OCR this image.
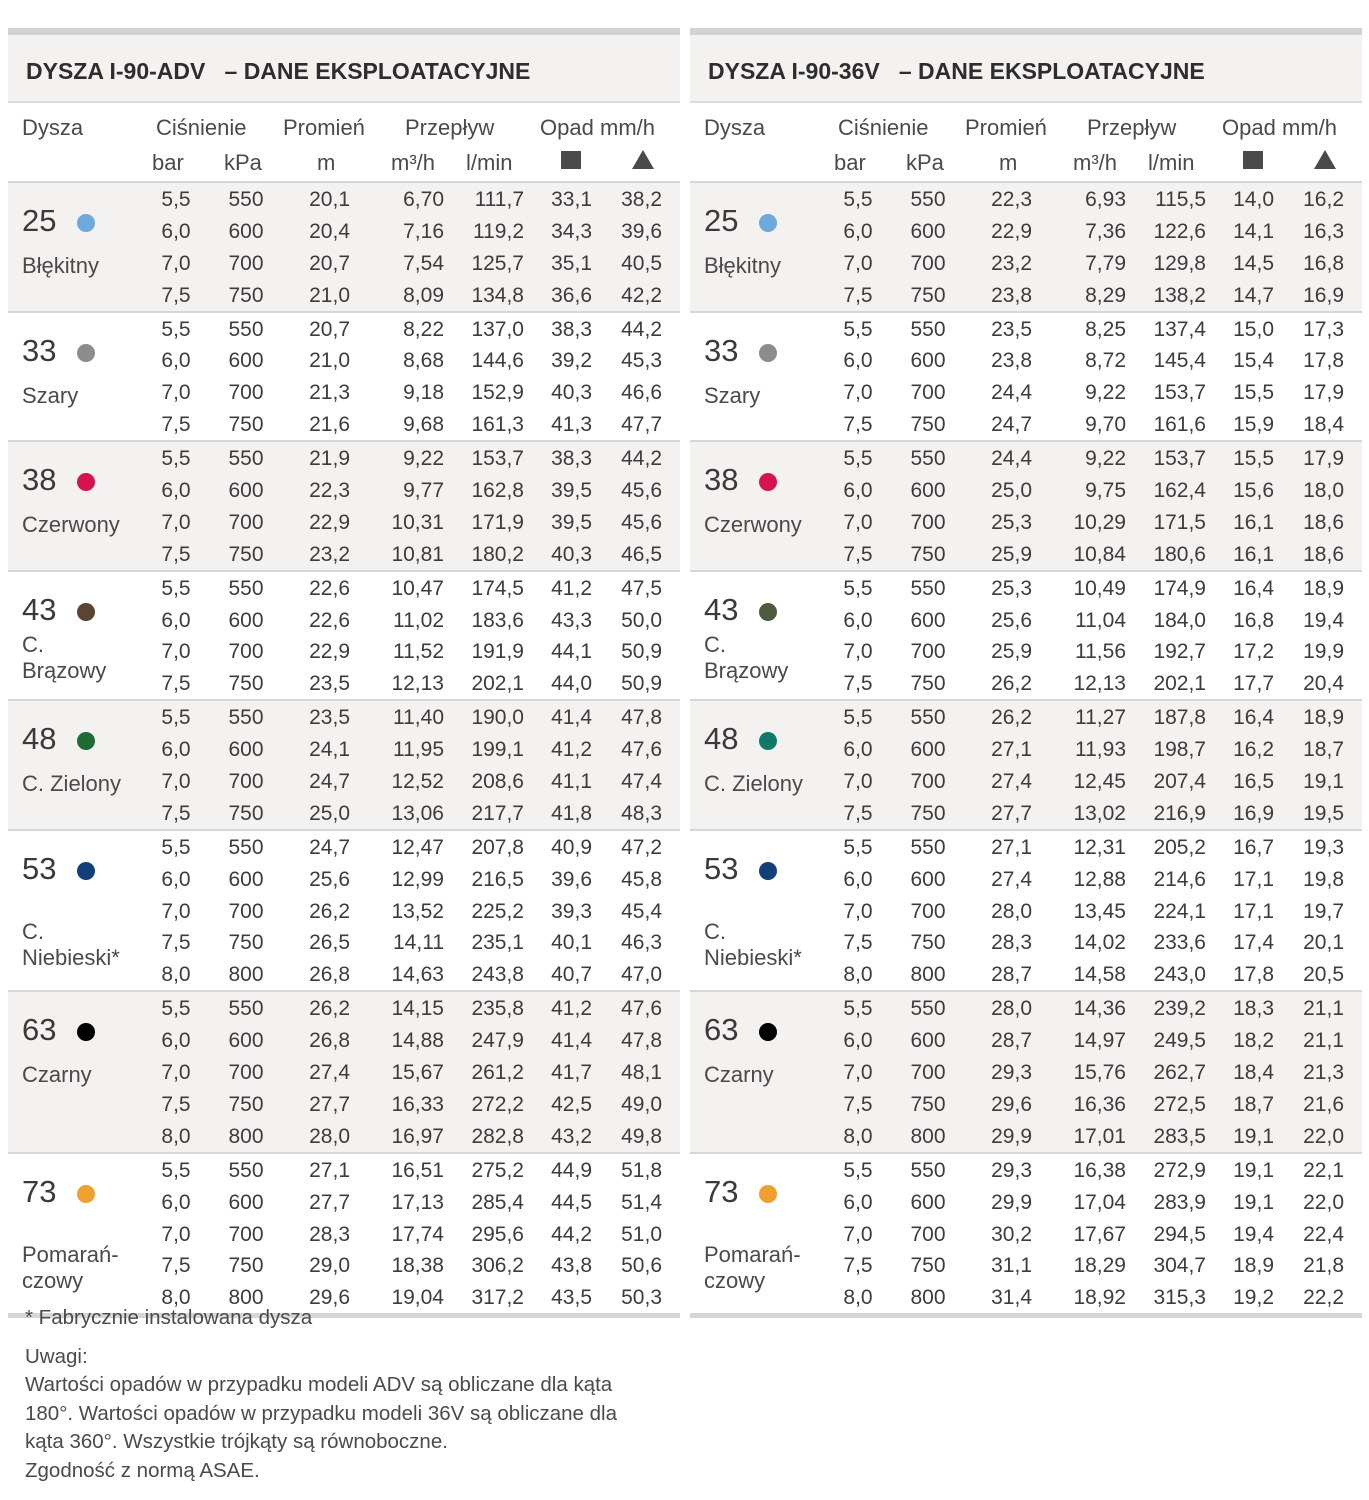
DYSZA I-90-ADV   – DANE EKSPLOATACYJNE
Dysza	Ciśnienie Promień Przepływ Opad mm/h
bar kPa	m	m³/h l/min
25
Błękitny
5,5	550	20,1	6,70	111,7	33,1	38,2
6,0	600	20,4	7,16	119,2	34,3	39,6
7,0	700	20,7	7,54	125,7	35,1	40,5
7,5	750	21,0	8,09	134,8	36,6	42,2
33
Szary
5,5	550	20,7	8,22	137,0	38,3	44,2
6,0	600	21,0	8,68	144,6	39,2	45,3
7,0	700	21,3	9,18	152,9	40,3	46,6
7,5	750	21,6	9,68	161,3	41,3	47,7
38
Czerwony
5,5	550	21,9	9,22	153,7	38,3	44,2
6,0	600	22,3	9,77	162,8	39,5	45,6
7,0	700	22,9	10,31	171,9	39,5	45,6
7,5	750	23,2	10,81	180,2	40,3	46,5
43
C. Brązowy
5,5	550	22,6	10,47	174,5	41,2	47,5
6,0	600	22,6	11,02	183,6	43,3	50,0
7,0	700	22,9	11,52	191,9	44,1	50,9
7,5	750	23,5	12,13	202,1	44,0	50,9
48
C. Zielony
5,5	550	23,5	11,40	190,0	41,4	47,8
6,0	600	24,1	11,95	199,1	41,2	47,6
7,0	700	24,7	12,52	208,6	41,1	47,4
7,5	750	25,0	13,06	217,7	41,8	48,3
53
C. Niebieski*
5,5	550	24,7	12,47	207,8	40,9	47,2
6,0	600	25,6	12,99	216,5	39,6	45,8
7,0	700	26,2	13,52	225,2	39,3	45,4
7,5	750	26,5	14,11	235,1	40,1	46,3
8,0	800	26,8	14,63	243,8	40,7	47,0
63
Czarny
5,5	550	26,2	14,15	235,8	41,2	47,6
6,0	600	26,8	14,88	247,9	41,4	47,8
7,0	700	27,4	15,67	261,2	41,7	48,1
7,5	750	27,7	16,33	272,2	42,5	49,0
8,0	800	28,0	16,97	282,8	43,2	49,8
73
Pomarań-
czowy
5,5	550	27,1	16,51	275,2	44,9	51,8
6,0	600	27,7	17,13	285,4	44,5	51,4
7,0	700	28,3	17,74	295,6	44,2	51,0
7,5	750	29,0	18,38	306,2	43,8	50,6
8,0	800	29,6	19,04	317,2	43,5	50,3
DYSZA I-90-36V   – DANE EKSPLOATACYJNE
Dysza	Ciśnienie Promień Przepływ Opad mm/h
bar kPa	m	m³/h l/min
25
Błękitny
5,5	550	22,3	6,93	115,5	14,0	16,2
6,0	600	22,9	7,36	122,6	14,1	16,3
7,0	700	23,2	7,79	129,8	14,5	16,8
7,5	750	23,8	8,29	138,2	14,7	16,9
33
Szary
5,5	550	23,5	8,25	137,4	15,0	17,3
6,0	600	23,8	8,72	145,4	15,4	17,8
7,0	700	24,4	9,22	153,7	15,5	17,9
7,5	750	24,7	9,70	161,6	15,9	18,4
38
Czerwony
5,5	550	24,4	9,22	153,7	15,5	17,9
6,0	600	25,0	9,75	162,4	15,6	18,0
7,0	700	25,3	10,29	171,5	16,1	18,6
7,5	750	25,9	10,84	180,6	16,1	18,6
43
C. Brązowy
5,5	550	25,3	10,49	174,9	16,4	18,9
6,0	600	25,6	11,04	184,0	16,8	19,4
7,0	700	25,9	11,56	192,7	17,2	19,9
7,5	750	26,2	12,13	202,1	17,7	20,4
48
C. Zielony
5,5	550	26,2	11,27	187,8	16,4	18,9
6,0	600	27,1	11,93	198,7	16,2	18,7
7,0	700	27,4	12,45	207,4	16,5	19,1
7,5	750	27,7	13,02	216,9	16,9	19,5
53
C. Niebieski*
5,5	550	27,1	12,31	205,2	16,7	19,3
6,0	600	27,4	12,88	214,6	17,1	19,8
7,0	700	28,0	13,45	224,1	17,1	19,7
7,5	750	28,3	14,02	233,6	17,4	20,1
8,0	800	28,7	14,58	243,0	17,8	20,5
63
Czarny
5,5	550	28,0	14,36	239,2	18,3	21,1
6,0	600	28,7	14,97	249,5	18,2	21,1
7,0	700	29,3	15,76	262,7	18,4	21,3
7,5	750	29,6	16,36	272,5	18,7	21,6
8,0	800	29,9	17,01	283,5	19,1	22,0
73
Pomarań-
czowy
5,5	550	29,3	16,38	272,9	19,1	22,1
6,0	600	29,9	17,04	283,9	19,1	22,0
7,0	700	30,2	17,67	294,5	19,4	22,4
7,5	750	31,1	18,29	304,7	18,9	21,8
8,0	800	31,4	18,92	315,3	19,2	22,2

* Fabrycznie instalowana dysza

Uwagi:

Wartości opadów w przypadku modeli ADV są obliczane dla kąta

180°. Wartości opadów w przypadku modeli 36V są obliczane dla

kąta 360°. Wszystkie trójkąty są równoboczne.

Zgodność z normą ASAE.
